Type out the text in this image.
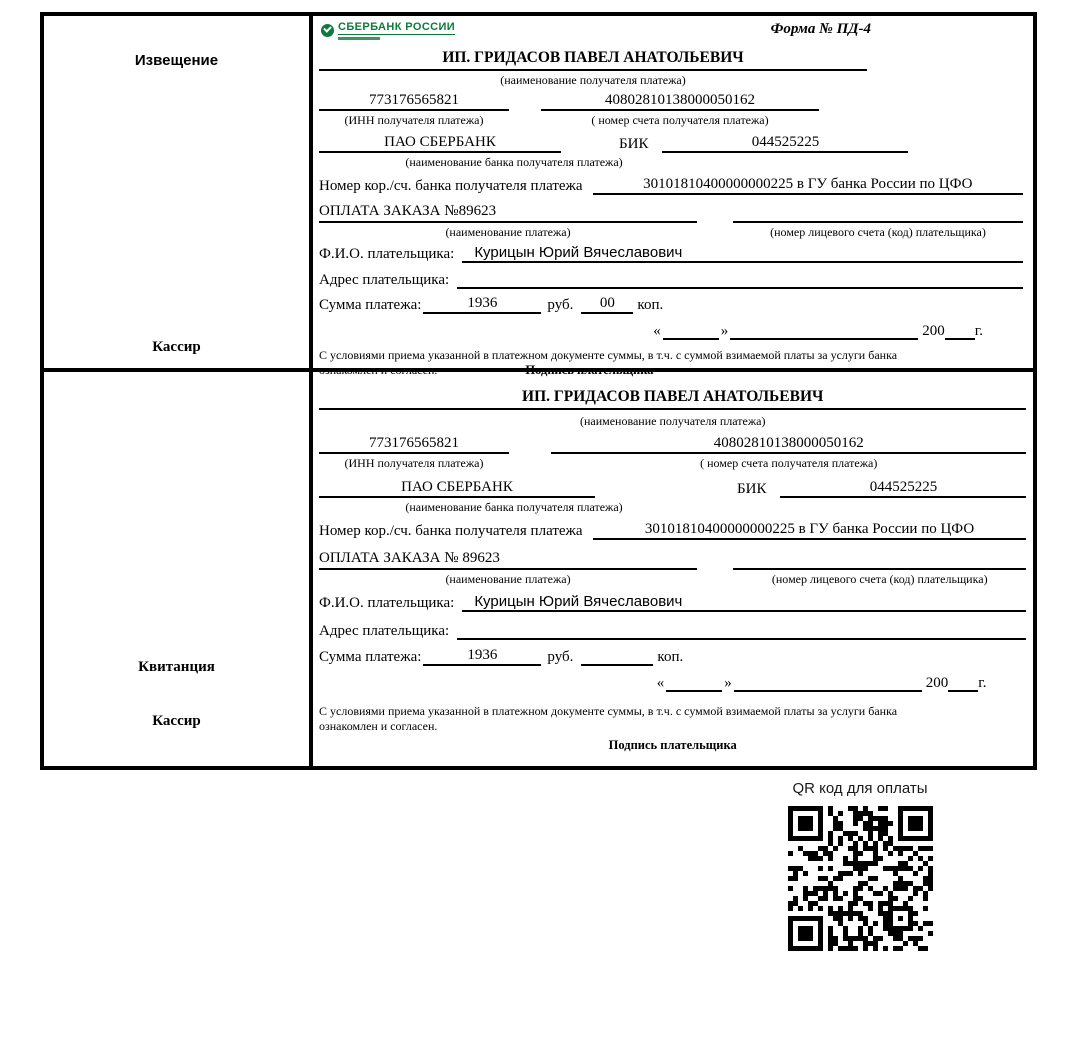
Извещение
Кассир
СБЕРБАНК РОССИИ	Форма № ПД-4
ИП. ГРИДАСОВ ПАВЕЛ АНАТОЛЬЕВИЧ
(наименование получателя платежа)
773176565821	40802810138000050162
(ИНН получателя платежа)	( номер счета получателя платежа)
ПАО СБЕРБАНК	БИК	044525225
(наименование банка получателя платежа)
Номер кор./сч. банка получателя платежа	30101810400000000225 в ГУ банка России по ЦФО
ОПЛАТА ЗАКАЗА №89623
(наименование платежа)	(номер лицевого счета (код) плательщика)
Ф.И.О. плательщика:	Курицын Юрий Вячеславович
Адрес плательщика:
Сумма платежа:	1936	руб.	00	коп.
«	»	200 г.
С условиями приема указанной в платежном документе суммы, в т.ч. с суммой взимаемой платы за услуги банка
ознакомлен и согласен.	Подпись плательщика
Квитанция
Кассир
ИП. ГРИДАСОВ ПАВЕЛ АНАТОЛЬЕВИЧ
(наименование получателя платежа)
773176565821	40802810138000050162
(ИНН получателя платежа)	( номер счета получателя платежа)
ПАО СБЕРБАНК	БИК	044525225
(наименование банка получателя платежа)
Номер кор./сч. банка получателя платежа	30101810400000000225 в ГУ банка России по ЦФО
ОПЛАТА ЗАКАЗА № 89623
(наименование платежа)	(номер лицевого счета (код) плательщика)
Ф.И.О. плательщика:	Курицын Юрий Вячеславович
Адрес плательщика:
Сумма платежа:	1936	руб.	коп.
«	»	200 г.
С условиями приема указанной в платежном документе суммы, в т.ч. с суммой взимаемой платы за услуги банка
ознакомлен и согласен.
Подпись плательщика
QR код для оплаты
